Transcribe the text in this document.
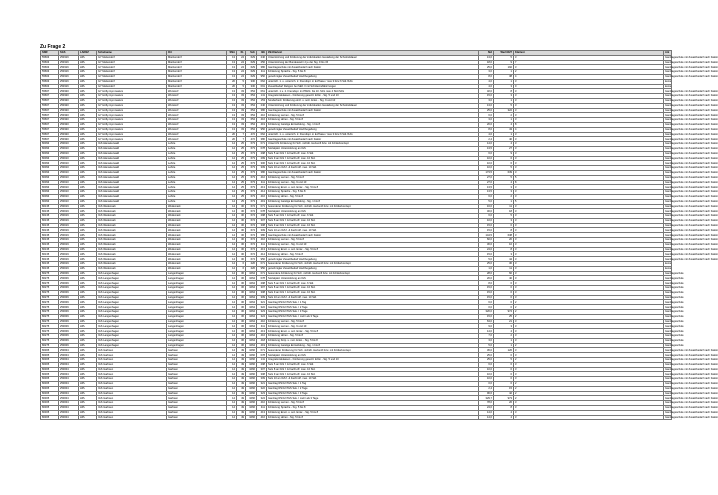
Zu Frage 2
SNR	SGS	LAKNZ	Schulname	Ort	SNA	Kl.	Sch	BE	ZB-Klartext	Std	Wert3427	Klartext	Anl	
55663	253316	HPL	GY Meitendorf	Mietzendorf	13	24	629	240	Unterstützung und Förderung der individuellen Gestaltung der Schulzeitdauer	13,0	5	3	Ganztagsschule mit Zusatzbedarf nach Faktor	
55663	253316	HPL	GY Meitendorf	Mietzendorf	13	24	629	250	Unterstützung der Bundeswehr 2 je der Sig. 9 bis 15	18,0	9	7	Ganztagsschule mit Zusatzbedarf nach Faktor	
55663	253316	HPL	GY Meitendorf	Mietzendorf	13	24	629	380	Ganztagsschule mit Zusatzbedarf nach Faktor	25,0	192	3	Ganztagsschule mit Zusatzbedarf nach Faktor	
55663	253316	HPL	GY Meitendorf	Mietzendorf	13	24	629	411	Förderung Sprache - Sig. 5 bis 8	3,0	1	2	Ganztagsschule mit Zusatzbedarf nach Faktor	
55663	253316	HPL	GY Meitendorf	Mietzendorf	13	24	629	950	genehmigter Zusatzbedarf Hochbegabung	8,0	38	4	Ganztagsschule mit Zusatzbedarf nach Faktor	
55663	253316	HPL	GY Meitendorf	Mietzendorf	20	5	330	062	unterrich. 1. u. unterrich. 2. Fremdspr. in E-Phase / max 3 bzw 6 Std./SJG	4,0	1	3	keine	
55663	253316	HPL	GY Meitendorf	Mietzendorf	20	5	330	091	Zusatzbedarf Religion bei SEK II mit Schülerzahlkürzungen	4,0	3	0	keine	
55667	253320	HPL	GY Höfty-Gymnasium	Wunstorf	13	33	654	061	unterrich. 1 u. 2. Fremdspr. im Pflicht. bis 10. SJG max 4 Std./SJG	32,0	8	3	Ganztagsschule mit Zusatzbedarf nach Faktor	
55667	253320	HPL	GY Höfty-Gymnasium	Wunstorf	13	33	654	141	Integrationsklassen - Förderung gesetzl. Erfal. - Sig. 5 und 10	15,0	3	3	Ganztagsschule mit Zusatzbedarf nach Faktor	
55667	253320	HPL	GY Höfty-Gymnasium	Wunstorf	13	33	654	153	Sonderbedr. Förderung einzl. u. sozi. Entw. - Sig. 9 und 10	3,0	1	3	Ganztagsschule mit Zusatzbedarf nach Faktor	
55667	253320	HPL	GY Höfty-Gymnasium	Wunstorf	13	33	654	240	Unterstützung und Förderung der individuellen Gestaltung der Schulzeitdauer	13,0	5	3	Ganztagsschule mit Zusatzbedarf nach Faktor	
55667	253320	HPL	GY Höfty-Gymnasium	Wunstorf	13	33	654	380	Ganztagsschule mit Zusatzbedarf nach Faktor	25,0	322	3	Ganztagsschule mit Zusatzbedarf nach Faktor	
55667	253320	HPL	GY Höfty-Gymnasium	Wunstorf	13	33	654	410	Förderung Lernen - Sig. 5 bis 8	6,0	2	3	Ganztagsschule mit Zusatzbedarf nach Faktor	
55667	253320	HPL	GY Höfty-Gymnasium	Wunstorf	13	33	654	416	Förderung Hören - Sig. 5 bis 8	3,0	1	3	Ganztagsschule mit Zusatzbedarf nach Faktor	
55667	253320	HPL	GY Höfty-Gymnasium	Wunstorf	13	33	654	419	Förderung Geistige Entwicklung - Sig. 1 bis 8	20,0	4	8	Ganztagsschule mit Zusatzbedarf nach Faktor	
55667	253320	HPL	GY Höfty-Gymnasium	Wunstorf	13	33	654	950	genehmigter Zusatzbedarf Hochbegabung	8,0	43	4	Ganztagsschule mit Zusatzbedarf nach Faktor	
55667	253320	HPL	GY Höfty-Gymnasium	Wunstorf	20	7	472	062	unterrich. 1. u. unterrich. 2. Fremdspr. in E-Phase / max 3 bzw 6 Std./SJG	4,0	1	3	Ganztagsschule mit Zusatzbedarf nach Faktor	
55667	253320	HPL	GY Höfty-Gymnasium	Wunstorf	20	7	472	380	Ganztagsschule mit Zusatzbedarf nach Faktor	2,4	40	3	Ganztagsschule mit Zusatzbedarf nach Faktor	
80093	253010	HPL	IGS Hänselerwald	Lehrte	14	25	673	071	Unterricht Förderung für Sch. nichtdt. Herkunft bzw. mit Förderkonzept	14,0	4	3	Ganztagsschule mit Zusatzbedarf nach Faktor	
80093	253010	HPL	IGS Hänselerwald	Lehrte	14	25	673	078	Sozialpäd. Unterstützung an IGS	13,5	27	3	Ganztagsschule mit Zusatzbedarf nach Faktor	
80093	253010	HPL	IGS Hänselerwald	Lehrte	14	25	673	298	SuG 5 an IGS f. & Fachl.off. max. 6 Std.	6,0	9	3	Ganztagsschule mit Zusatzbedarf nach Faktor	
80093	253010	HPL	IGS Hänselerwald	Lehrte	14	25	673	299	SuG 9 an IGS f. & Fachl.off. max. 10 Std.	10,0	6	3	Ganztagsschule mit Zusatzbedarf nach Faktor	
80093	253010	HPL	IGS Hänselerwald	Lehrte	14	25	673	306	SuG 9 an IGS f. & Fachl.off. max. 10 Std.	10,0	6	3	Ganztagsschule mit Zusatzbedarf nach Faktor	
80093	253010	HPL	IGS Hänselerwald	Lehrte	14	25	673	309	SuG 10 an IGS f. & Fachl.off. max. 10 Std.	10,0	5	3	Ganztagsschule mit Zusatzbedarf nach Faktor	
80093	253010	HPL	IGS Hänselerwald	Lehrte	14	25	673	380	Ganztagsschule mit Zusatzbedarf nach Faktor	173,5	639	3	Ganztagsschule mit Zusatzbedarf nach Faktor	
80093	253010	HPL	IGS Hänselerwald	Lehrte	14	25	673	410	Förderung Lernen - Sig. 5 bis 8	27,0	5	5	Ganztagsschule mit Zusatzbedarf nach Faktor	
80093	253010	HPL	IGS Hänselerwald	Lehrte	14	25	673	411	Förderung Lernen - Sig. 9 und 10	27,0	4	8	Ganztagsschule mit Zusatzbedarf nach Faktor	
80093	253010	HPL	IGS Hänselerwald	Lehrte	14	25	673	413	Förderung Emot. u. soz. Entw. - Sig. 5 bis 8	13,5	3	3	Ganztagsschule mit Zusatzbedarf nach Faktor	
80093	253010	HPL	IGS Hänselerwald	Lehrte	14	25	673	414	Förderung Sprache - Sig. 5 bis 8	13,5	3	3	Ganztagsschule mit Zusatzbedarf nach Faktor	
80093	253010	HPL	IGS Hänselerwald	Lehrte	14	25	673	416	Förderung Hören - Sig. 5 bis 8	6,0	2	3	Ganztagsschule mit Zusatzbedarf nach Faktor	
80093	253010	HPL	IGS Hänselerwald	Lehrte	14	25	673	419	Förderung Geistige Entwicklung - Sig. 1 bis 8	5,0	1	5	Ganztagsschule mit Zusatzbedarf nach Faktor	
80135	253019	HPL	IGS Wedemark	Wedemark	14	30	674	071	besonderer Förderung für Sch. nichtdt. Herkunft bzw. mit Förderkonzept	16,0	11	3	Ganztagsschule mit Zusatzbedarf nach Faktor	
80135	253019	HPL	IGS Wedemark	Wedemark	14	30	674	078	Sozialpäd. Unterstützung an IGS	46,0	18	3	Ganztagsschule mit Zusatzbedarf nach Faktor	
80135	253019	HPL	IGS Wedemark	Wedemark	14	30	674	298	SuG 5 an IGS f. & Fachl.off. max. 6 Std.	6,0	5	3	Ganztagsschule mit Zusatzbedarf nach Faktor	
80135	253019	HPL	IGS Wedemark	Wedemark	14	30	674	307	SuG 8 an IGS f. & Fachl.off. max. 10 Std.	10,0	3	3	Ganztagsschule mit Zusatzbedarf nach Faktor	
80135	253019	HPL	IGS Wedemark	Wedemark	14	30	674	308	SuG 9 an IGS f. & Fachl.off. max. 10 Std.	15,0	0	3	Ganztagsschule mit Zusatzbedarf nach Faktor	
80135	253019	HPL	IGS Wedemark	Wedemark	14	30	674	309	SuG 10 an IGS f. & Fachl.off. max. 10 Std.	15,0	8	3	Ganztagsschule mit Zusatzbedarf nach Faktor	
80135	253019	HPL	IGS Wedemark	Wedemark	14	30	674	380	Ganztagsschule mit Zusatzbedarf nach Faktor	144,5	638	3	Ganztagsschule mit Zusatzbedarf nach Faktor	
80135	253019	HPL	IGS Wedemark	Wedemark	14	30	674	410	Förderung Lernen - Sig. 5 bis 8	60,0	20	3	Ganztagsschule mit Zusatzbedarf nach Faktor	
80135	253019	HPL	IGS Wedemark	Wedemark	14	30	674	411	Förderung Lernen - Sig. 9 und 10	30,0	10	3	Ganztagsschule mit Zusatzbedarf nach Faktor	
80135	253019	HPL	IGS Wedemark	Wedemark	14	30	674	413	Förderung Emot. u. soz. Entw. - Sig. 5 bis 8	24,0	8	3	Ganztagsschule mit Zusatzbedarf nach Faktor	
80135	253019	HPL	IGS Wedemark	Wedemark	14	30	674	414	Förderung Hören - Sig. 5 bis 8	15,0	3	3	Ganztagsschule mit Zusatzbedarf nach Faktor	
80135	253019	HPL	IGS Wedemark	Wedemark	14	30	674	950	genehmigter Zusatzbedarf Hochbegabung	5,0	44	3	Ganztagsschule mit Zusatzbedarf nach Faktor	
80135	253019	HPL	IGS Wedemark	Wedemark	14	6	226	071	besonderer Förderung für Sch. nichtdt. Herkunft bzw. mit Förderkonzept	25,0	30	3	keine	
80135	253019	HPL	IGS Wedemark	Wedemark	14	6	226	950	genehmigter Zusatzbedarf Hochbegabung	1,0	11	3	keine	
80275	253009	HPL	IGS Langenhagen	Langenhagen	14	36	1064	071	besondere Förderung für Sch. nichtdt. Herkunft bzw. mit Förderkonzept	28,0	60	3	Ganztagsschule	
80275	253009	HPL	IGS Langenhagen	Langenhagen	14	36	1064	078	Sozialpäd. Unterstützung an IGS	20,0	40	3	Ganztagsschule	
80275	253009	HPL	IGS Langenhagen	Langenhagen	14	36	1064	298	SuG 5 an IGS f. & Fachl.off. max. 6 Std.	8,0	0	3	Ganztagsschule	
80275	253009	HPL	IGS Langenhagen	Langenhagen	14	36	1064	307	SuG 8 an IGS f. & Fachl.off. max. 10 Std.	15,0	0	3	Ganztagsschule	
80275	253009	HPL	IGS Langenhagen	Langenhagen	14	36	1064	308	SuG 9 an IGS f. & Fachl.off. max. 10 Std.	15,0	0	3	Ganztagsschule	
80275	253009	HPL	IGS Langenhagen	Langenhagen	14	36	1064	309	SuG 10 an IGS f. & Fachl.off. max. 10 Std.	15,0	0	3	Ganztagsschule	
80275	253009	HPL	IGS Langenhagen	Langenhagen	14	36	1064	321	Ganztag RS/GY/IGS Sek. I 1 Tag	6,0	0	2	Ganztagsschule	
80275	253009	HPL	IGS Langenhagen	Langenhagen	14	36	1064	322	Ganztag RS/GY/IGS Sek. I 2 Tage	0,0	0	2	Ganztagsschule	
80275	253009	HPL	IGS Langenhagen	Langenhagen	14	36	1064	323	Ganztag RS/GY/IGS Sek. I 3 Tage	320,0	974	2	Ganztagsschule	
80275	253009	HPL	IGS Langenhagen	Langenhagen	14	36	1064	324	Ganztag RS/GY/IGS Sek. I mehr als 3 Tage	15,0	25	2	Ganztagsschule	
80275	253009	HPL	IGS Langenhagen	Langenhagen	14	36	1064	410	Förderung Lernen - Sig. 5 bis 8	63,0	21	3	Ganztagsschule	
80275	253009	HPL	IGS Langenhagen	Langenhagen	14	36	1064	411	Förderung Lernen - Sig. 9 und 10	9,0	3	3	Ganztagsschule	
80275	253009	HPL	IGS Langenhagen	Langenhagen	14	36	1064	413	Förderung Emot. u. soz. Entw. - Sig. 5 bis 8	14,0	4	3	Ganztagsschule	
80275	253009	HPL	IGS Langenhagen	Langenhagen	14	36	1064	416	Förderung Hören - Sig. 5 bis 8	7,0	2	3	Ganztagsschule	
80275	253009	HPL	IGS Langenhagen	Langenhagen	14	36	1064	418	Förderung Körp. u. mot. Entw. - Sig. 5 bis 8	3,0	1	3	Ganztagsschule	
80275	253009	HPL	IGS Langenhagen	Langenhagen	14	36	1064	419	Förderung Geistige Entwicklung - Sig. 1 bis 8	5,0	1	2	Ganztagsschule	
80305	253004	HPL	IGS Garbsen	Garbsen	14	49	1066	071	besonderer Förderung für Sch. nichtdt. Herkunft bzw. mit Förderkonzept	36,0	126	3	Ganztagsschule mit Zusatzbedarf nach Faktor	
80305	253004	HPL	IGS Garbsen	Garbsen	14	49	1066	078	Sozialpäd. Unterstützung an IGS	25,0	0	3	Ganztagsschule mit Zusatzbedarf nach Faktor	
80305	253004	HPL	IGS Garbsen	Garbsen	14	49	1066	141	Integrationsklassen - Förderung gesetzl. Erfal. - Sig. 5 und 10	25,0	5	2	Ganztagsschule mit Zusatzbedarf nach Faktor	
80305	253004	HPL	IGS Garbsen	Garbsen	14	49	1066	298	SuG 5 an IGS f. & Fachl.off. max. 6 Std.	6,0	0	3	Ganztagsschule mit Zusatzbedarf nach Faktor	
80305	253004	HPL	IGS Garbsen	Garbsen	14	49	1066	307	SuG 8 an IGS f. & Fachl.off. max. 10 Std.	10,0	0	3	Ganztagsschule mit Zusatzbedarf nach Faktor	
80305	253004	HPL	IGS Garbsen	Garbsen	14	49	1066	308	SuG 9 an IGS f. & Fachl.off. max. 10 Std.	10,0	0	3	Ganztagsschule mit Zusatzbedarf nach Faktor	
80305	253004	HPL	IGS Garbsen	Garbsen	14	49	1066	309	SuG 10 an IGS f. & Fachl.off. max. 10 Std.	10,0	0	3	Ganztagsschule mit Zusatzbedarf nach Faktor	
80305	253004	HPL	IGS Garbsen	Garbsen	14	49	1066	321	Ganztag RS/GY/IGS Sek. I 1 Tag	0,0	0	2	Ganztagsschule mit Zusatzbedarf nach Faktor	
80305	253004	HPL	IGS Garbsen	Garbsen	14	49	1066	322	Ganztag RS/GY/IGS Sek. I 2 Tage	2,4	15	2	Ganztagsschule mit Zusatzbedarf nach Faktor	
80305	253004	HPL	IGS Garbsen	Garbsen	14	49	1066	323	Ganztag RS/GY/IGS Sek. I 3 Tage	96,6	42	2	Ganztagsschule mit Zusatzbedarf nach Faktor	
80305	253004	HPL	IGS Garbsen	Garbsen	14	49	1066	324	Ganztag RS/GY/IGS Sek. I mehr als 3 Tage	329,7	973	2	Ganztagsschule mit Zusatzbedarf nach Faktor	
80305	253004	HPL	IGS Garbsen	Garbsen	14	49	1066	410	Förderung Lernen - Sig. 5 bis 8	78,0	26	3	Ganztagsschule mit Zusatzbedarf nach Faktor	
80305	253004	HPL	IGS Garbsen	Garbsen	14	49	1066	411	Förderung Sprache - Sig. 5 bis 8	24,0	8	3	Ganztagsschule mit Zusatzbedarf nach Faktor	
80305	253004	HPL	IGS Garbsen	Garbsen	14	49	1066	413	Förderung Emot. u. soz. Entw. - Sig. 5 bis 8	14,0	4	3	Ganztagsschule mit Zusatzbedarf nach Faktor	
80305	253004	HPL	IGS Garbsen	Garbsen	14	49	1066	416	Förderung Hören - Sig. 5 bis 8	14,0	4	3	Ganztagsschule mit Zusatzbedarf nach Faktor	
